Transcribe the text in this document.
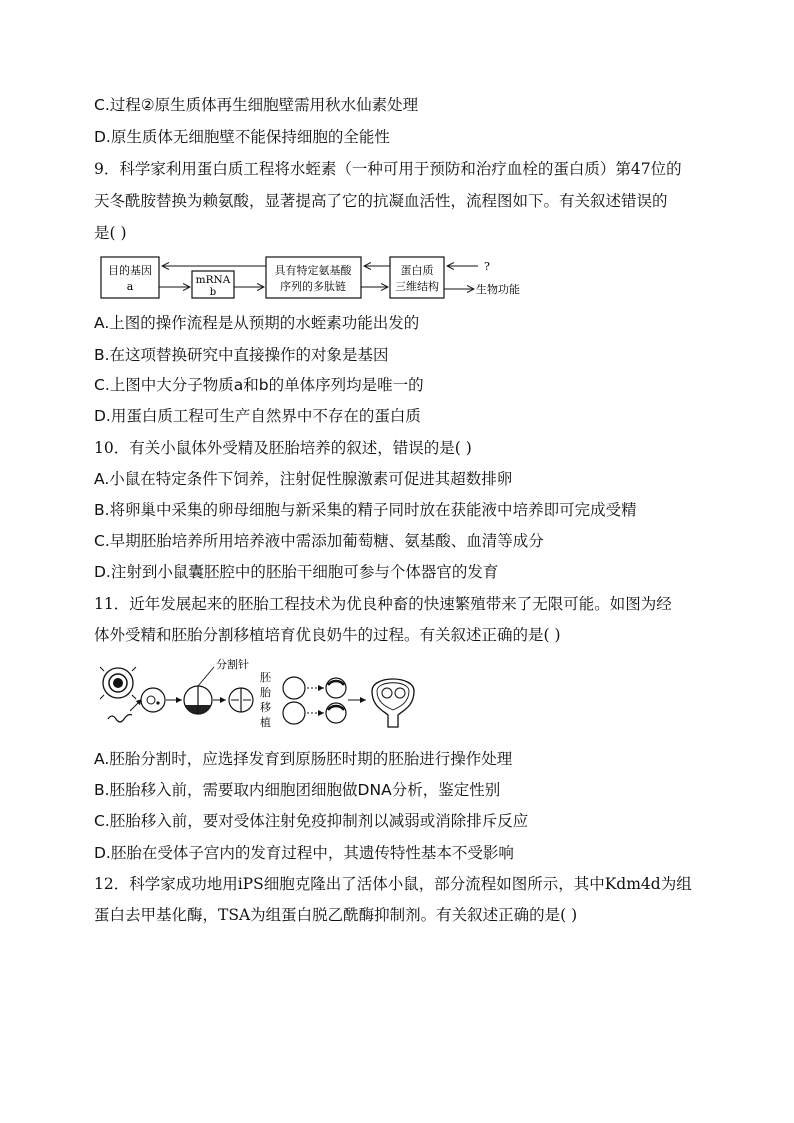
C.过程②原生质体再生细胞壁需用秋水仙素处理
D.原生质体无细胞壁不能保持细胞的全能性
9．科学家利用蛋白质工程将水蛭素（一种可用于预防和治疗血栓的蛋白质）第47位的
天冬酰胺替换为赖氨酸，显著提高了它的抗凝血活性，流程图如下。有关叙述错误的
是( )
目的基因
a	mRNA
b
具有特定氨基酸
序列的多肽链
蛋白质
三维结构
?
生物功能
A.上图的操作流程是从预期的水蛭素功能出发的
B.在这项替换研究中直接操作的对象是基因
C.上图中大分子物质a和b的单体序列均是唯一的
D.用蛋白质工程可生产自然界中不存在的蛋白质
10．有关小鼠体外受精及胚胎培养的叙述，错误的是( )
A.小鼠在特定条件下饲养，注射促性腺激素可促进其超数排卵
B.将卵巢中采集的卵母细胞与新采集的精子同时放在获能液中培养即可完成受精
C.早期胚胎培养所用培养液中需添加葡萄糖、氨基酸、血清等成分
D.注射到小鼠囊胚腔中的胚胎干细胞可参与个体器官的发育
11．近年发展起来的胚胎工程技术为优良种畜的快速繁殖带来了无限可能。如图为经
体外受精和胚胎分割移植培育优良奶牛的过程。有关叙述正确的是( )
分割针
胚
胎
移
植
A.胚胎分割时，应选择发育到原肠胚时期的胚胎进行操作处理
B.胚胎移入前，需要取内细胞团细胞做DNA分析，鉴定性别
C.胚胎移入前，要对受体注射免疫抑制剂以减弱或消除排斥反应
D.胚胎在受体子宫内的发育过程中，其遗传特性基本不受影响
12．科学家成功地用iPS细胞克隆出了活体小鼠，部分流程如图所示，其中Kdm4d为组
蛋白去甲基化酶，TSA为组蛋白脱乙酰酶抑制剂。有关叙述正确的是( )
